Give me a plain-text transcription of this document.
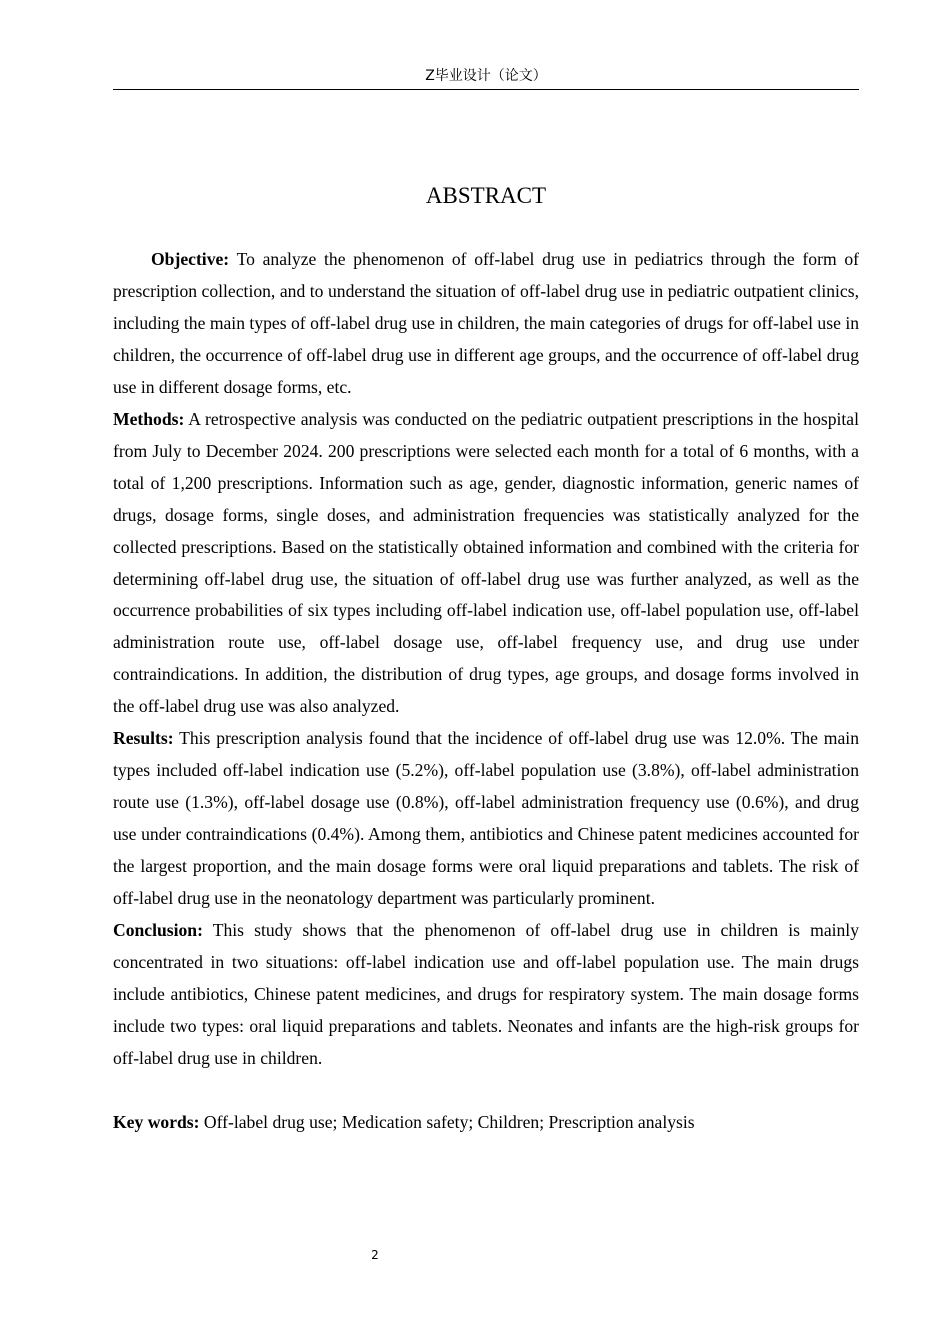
Z毕业设计（论文）
ABSTRACT

Objective: To analyze the phenomenon of off-label drug use in pediatrics through the form of prescription collection, and to understand the situation of off-label drug use in pediatric outpatient clinics, including the main types of off-label drug use in children, the main categories of drugs for off-label use in children, the occurrence of off-label drug use in different age groups, and the occurrence of off-label drug use in different dosage forms, etc.

Methods: A retrospective analysis was conducted on the pediatric outpatient prescriptions in the hospital from July to December 2024. 200 prescriptions were selected each month for a total of 6 months, with a total of 1,200 prescriptions. Information such as age, gender, diagnostic information, generic names of drugs, dosage forms, single doses, and administration frequencies was statistically analyzed for the collected prescriptions. Based on the statistically obtained information and combined with the criteria for determining off-label drug use, the situation of off-label drug use was further analyzed, as well as the occurrence probabilities of six types including off-label indication use, off-label population use, off-label administration route use, off-label dosage use, off-label frequency use, and drug use under contraindications. In addition, the distribution of drug types, age groups, and dosage forms involved in the off-label drug use was also analyzed.

Results: This prescription analysis found that the incidence of off-label drug use was 12.0%. The main types included off-label indication use (5.2%), off-label population use (3.8%), off-label administration route use (1.3%), off-label dosage use (0.8%), off-label administration frequency use (0.6%), and drug use under contraindications (0.4%). Among them, antibiotics and Chinese patent medicines accounted for the largest proportion, and the main dosage forms were oral liquid preparations and tablets. The risk of off-label drug use in the neonatology department was particularly prominent.

Conclusion: This study shows that the phenomenon of off-label drug use in children is mainly concentrated in two situations: off-label indication use and off-label population use. The main drugs include antibiotics, Chinese patent medicines, and drugs for respiratory system. The main dosage forms include two types: oral liquid preparations and tablets. Neonates and infants are the high-risk groups for off-label drug use in children.

Key words: Off-label drug use; Medication safety; Children; Prescription analysis

2
